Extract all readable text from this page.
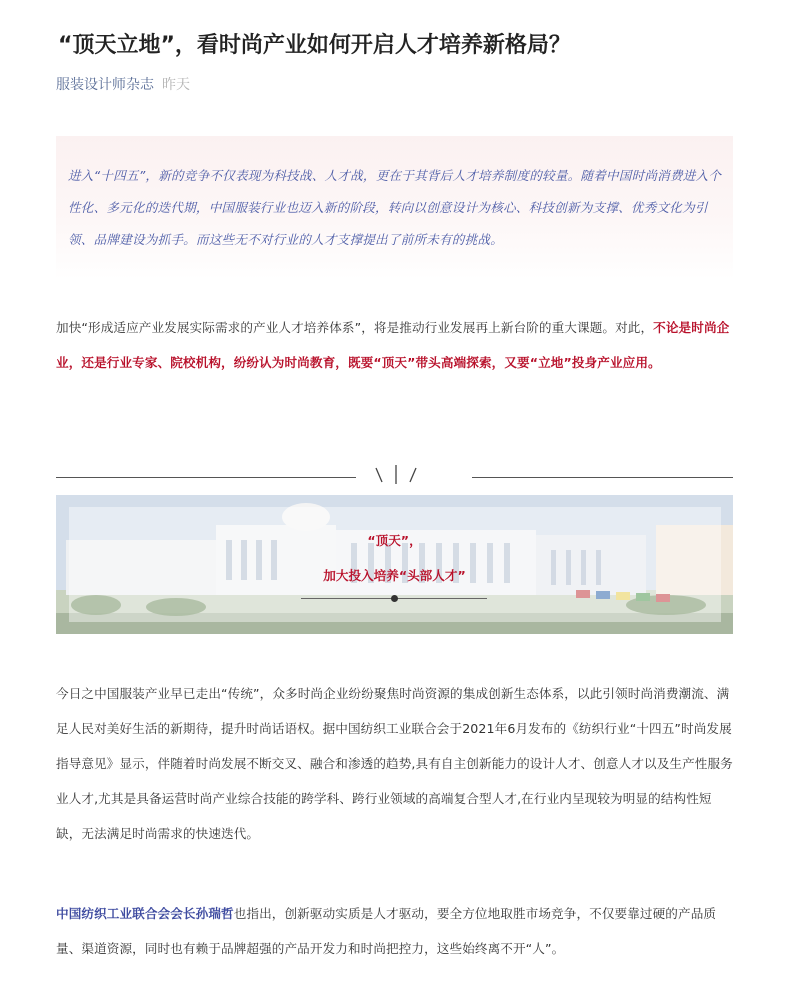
“顶天立地”，看时尚产业如何开启人才培养新格局？
服装设计师杂志 昨天

进入“十四五”，新的竞争不仅表现为科技战、人才战，更在于其背后人才培养制度的较量。随着中国时尚消费进入个性化、多元化的迭代期，中国服装行业也迈入新的阶段，转向以创意设计为核心、科技创新为支撑、优秀文化为引领、品牌建设为抓手。而这些无不对行业的人才支撑提出了前所未有的挑战。

加快“形成适应产业发展实际需求的产业人才培养体系”，将是推动行业发展再上新台阶的重大课题。对此，不论是时尚企业，还是行业专家、院校机构，纷纷认为时尚教育，既要“顶天”带头高端探索，又要“立地”投身产业应用。

“顶天”，

加大投入培养“头部人才”

今日之中国服装产业早已走出“传统”，众多时尚企业纷纷聚焦时尚资源的集成创新生态体系，以此引领时尚消费潮流、满足人民对美好生活的新期待，提升时尚话语权。据中国纺织工业联合会于2021年6月发布的《纺织行业“十四五”时尚发展指导意见》显示，伴随着时尚发展不断交叉、融合和渗透的趋势,具有自主创新能力的设计人才、创意人才以及生产性服务业人才,尤其是具备运营时尚产业综合技能的跨学科、跨行业领域的高端复合型人才,在行业内呈现较为明显的结构性短缺，无法满足时尚需求的快速迭代。

中国纺织工业联合会会长孙瑞哲也指出，创新驱动实质是人才驱动，要全方位地取胜市场竞争，不仅要靠过硬的产品质量、渠道资源，同时也有赖于品牌超强的产品开发力和时尚把控力，这些始终离不开“人”。
